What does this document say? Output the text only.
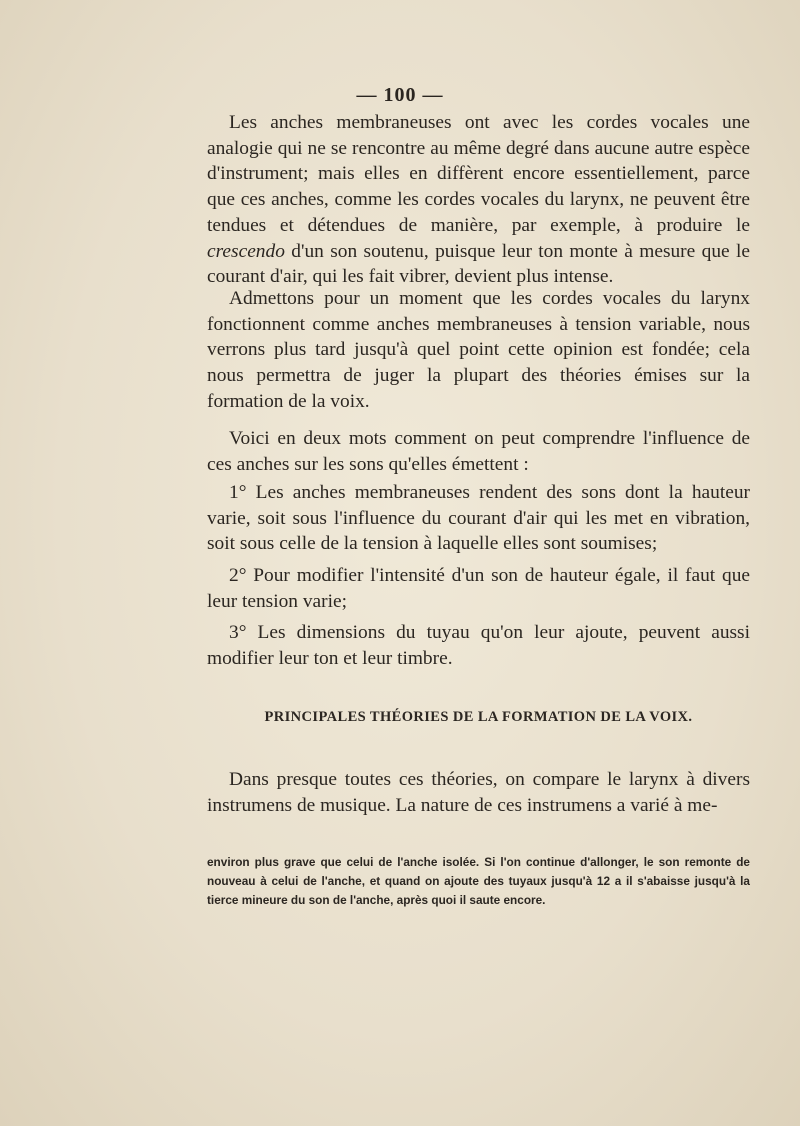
— 100 —

Les anches membraneuses ont avec les cordes vocales une analogie qui ne se rencontre au même degré dans aucune autre espèce d'instrument; mais elles en diffèrent encore essentiellement, parce que ces anches, comme les cordes vocales du larynx, ne peuvent être tendues et détendues de manière, par exemple, à produire le crescendo d'un son soutenu, puisque leur ton monte à mesure que le courant d'air, qui les fait vibrer, devient plus intense.

Admettons pour un moment que les cordes vocales du larynx fonctionnent comme anches membraneuses à tension variable, nous verrons plus tard jusqu'à quel point cette opinion est fondée; cela nous permettra de juger la plupart des théories émises sur la formation de la voix.

Voici en deux mots comment on peut comprendre l'influence de ces anches sur les sons qu'elles émettent :

1° Les anches membraneuses rendent des sons dont la hauteur varie, soit sous l'influence du courant d'air qui les met en vibration, soit sous celle de la tension à laquelle elles sont soumises;

2° Pour modifier l'intensité d'un son de hauteur égale, il faut que leur tension varie;

3° Les dimensions du tuyau qu'on leur ajoute, peuvent aussi modifier leur ton et leur timbre.

PRINCIPALES THÉORIES DE LA FORMATION DE LA VOIX.

Dans presque toutes ces théories, on compare le larynx à divers instrumens de musique. La nature de ces instrumens a varié à me-

environ plus grave que celui de l'anche isolée. Si l'on continue d'allonger, le son remonte de nouveau à celui de l'anche, et quand on ajoute des tuyaux jusqu'à 12 a il s'abaisse jusqu'à la tierce mineure du son de l'anche, après quoi il saute encore.
